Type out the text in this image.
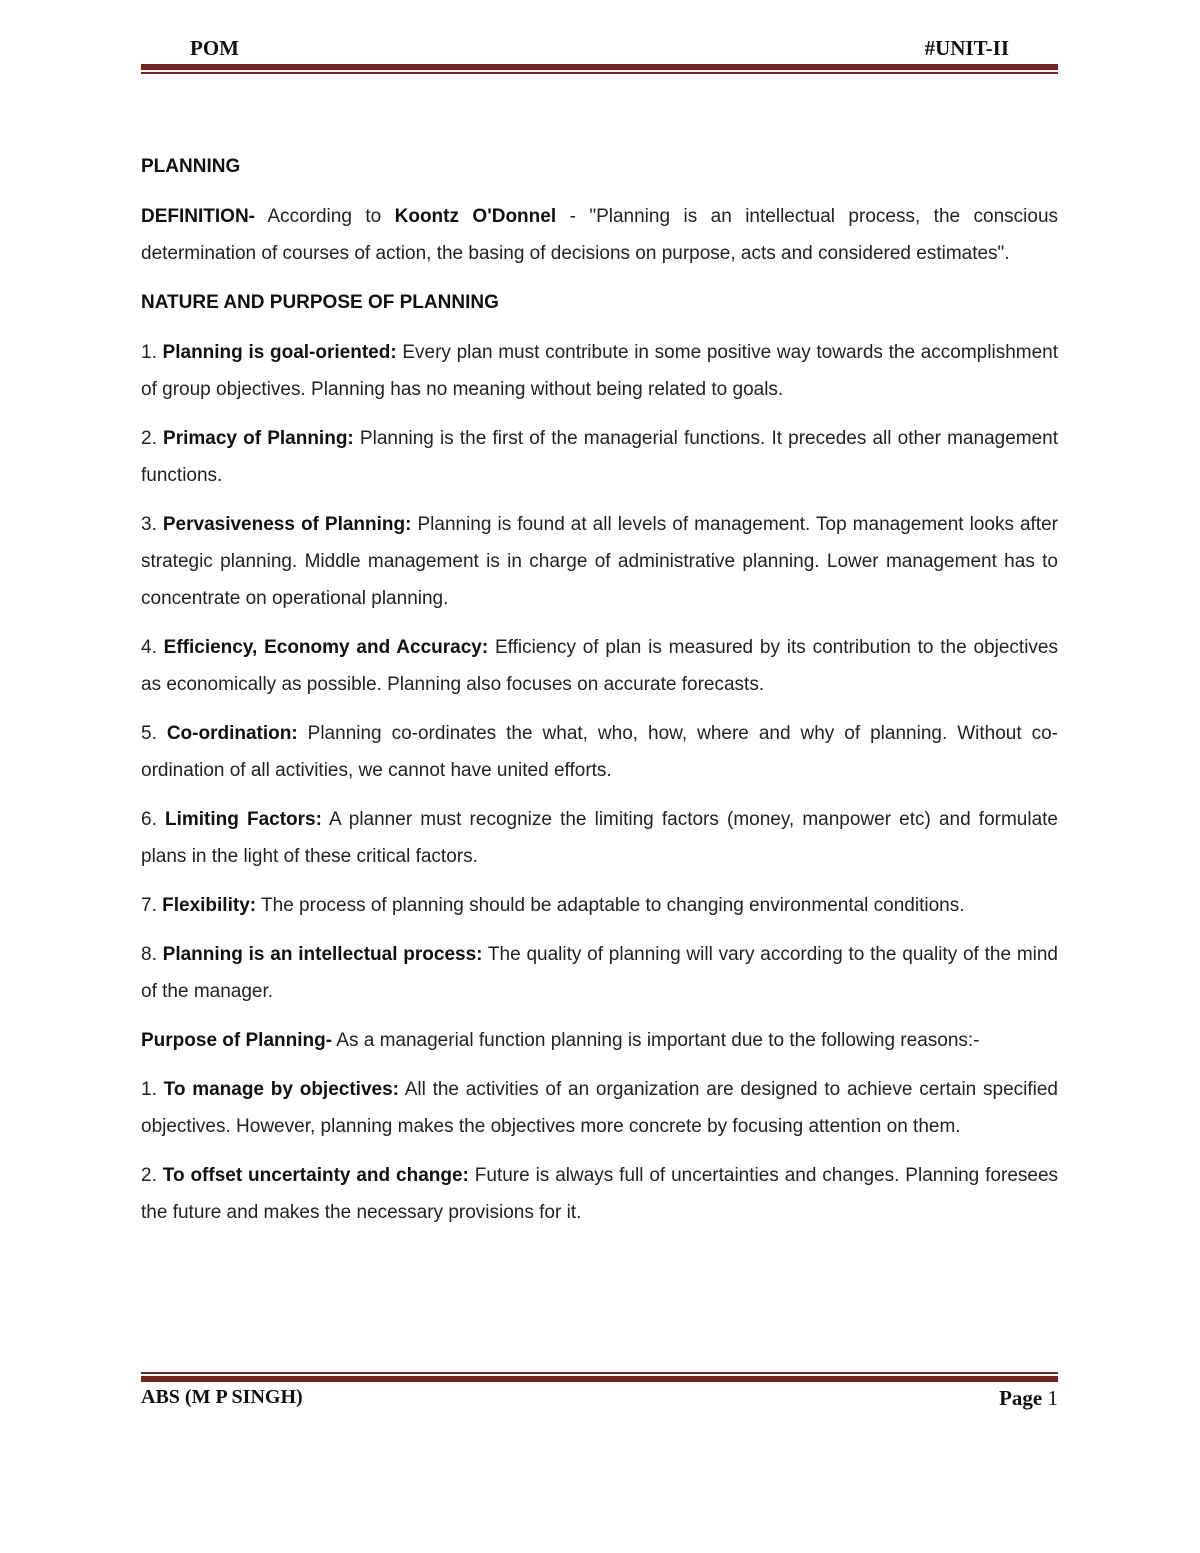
POM	#UNIT-II

PLANNING

DEFINITION- According to Koontz O'Donnel - "Planning is an intellectual process, the conscious determination of courses of action, the basing of decisions on purpose, acts and considered estimates".

NATURE AND PURPOSE OF PLANNING

1. Planning is goal-oriented: Every plan must contribute in some positive way towards the accomplishment of group objectives. Planning has no meaning without being related to goals.

2. Primacy of Planning: Planning is the first of the managerial functions. It precedes all other management functions.

3. Pervasiveness of Planning: Planning is found at all levels of management. Top management looks after strategic planning. Middle management is in charge of administrative planning. Lower management has to concentrate on operational planning.

4. Efficiency, Economy and Accuracy: Efficiency of plan is measured by its contribution to the objectives as economically as possible. Planning also focuses on accurate forecasts.

5. Co-ordination: Planning co-ordinates the what, who, how, where and why of planning. Without co-ordination of all activities, we cannot have united efforts.

6. Limiting Factors: A planner must recognize the limiting factors (money, manpower etc) and formulate plans in the light of these critical factors.

7. Flexibility: The process of planning should be adaptable to changing environmental conditions.

8. Planning is an intellectual process: The quality of planning will vary according to the quality of the mind of the manager.

Purpose of Planning- As a managerial function planning is important due to the following reasons:-

1. To manage by objectives: All the activities of an organization are designed to achieve certain specified objectives. However, planning makes the objectives more concrete by focusing attention on them.

2. To offset uncertainty and change: Future is always full of uncertainties and changes. Planning foresees the future and makes the necessary provisions for it.

ABS (M P SINGH)	Page 1
